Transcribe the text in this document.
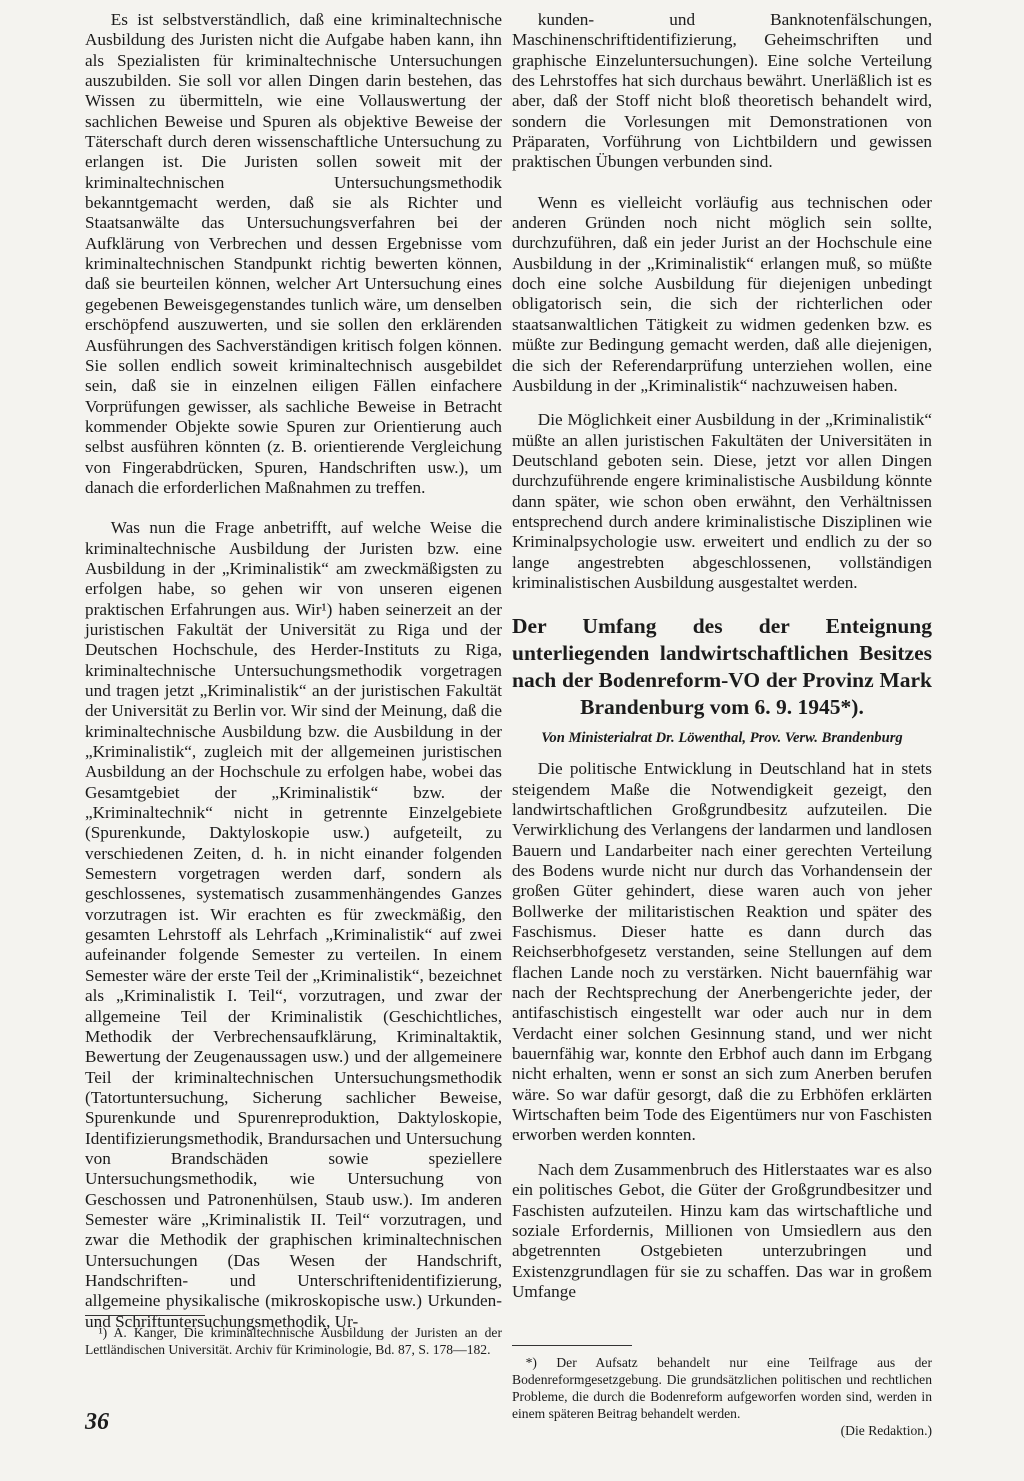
Es ist selbstverständlich, daß eine kriminaltechnische Ausbildung des Juristen nicht die Aufgabe haben kann, ihn als Spezialisten für kriminaltechnische Untersuchungen auszubilden. Sie soll vor allen Dingen darin bestehen, das Wissen zu übermitteln, wie eine Vollauswertung der sachlichen Beweise und Spuren als objektive Beweise der Täterschaft durch deren wissenschaftliche Untersuchung zu erlangen ist. Die Juristen sollen soweit mit der kriminaltechnischen Untersuchungsmethodik bekanntgemacht werden, daß sie als Richter und Staatsanwälte das Untersuchungsverfahren bei der Aufklärung von Verbrechen und dessen Ergebnisse vom kriminaltechnischen Standpunkt richtig bewerten können, daß sie beurteilen können, welcher Art Untersuchung eines gegebenen Beweisgegenstandes tunlich wäre, um denselben erschöpfend auszuwerten, und sie sollen den erklärenden Ausführungen des Sachverständigen kritisch folgen können. Sie sollen endlich soweit kriminaltechnisch ausgebildet sein, daß sie in einzelnen eiligen Fällen einfachere Vorprüfungen gewisser, als sachliche Beweise in Betracht kommender Objekte sowie Spuren zur Orientierung auch selbst ausführen könnten (z. B. orientierende Vergleichung von Fingerabdrücken, Spuren, Handschriften usw.), um danach die erforderlichen Maßnahmen zu treffen.

Was nun die Frage anbetrifft, auf welche Weise die kriminaltechnische Ausbildung der Juristen bzw. eine Ausbildung in der „Kriminalistik“ am zweckmäßigsten zu erfolgen habe, so gehen wir von unseren eigenen praktischen Erfahrungen aus. Wir¹) haben seinerzeit an der juristischen Fakultät der Universität zu Riga und der Deutschen Hochschule, des Herder-Instituts zu Riga, kriminaltechnische Untersuchungsmethodik vorgetragen und tragen jetzt „Kriminalistik“ an der juristischen Fakultät der Universität zu Berlin vor. Wir sind der Meinung, daß die kriminaltechnische Ausbildung bzw. die Ausbildung in der „Kriminalistik“, zugleich mit der allgemeinen juristischen Ausbildung an der Hochschule zu erfolgen habe, wobei das Gesamtgebiet der „Kriminalistik“ bzw. der „Kriminaltechnik“ nicht in getrennte Einzelgebiete (Spurenkunde, Daktyloskopie usw.) aufgeteilt, zu verschiedenen Zeiten, d. h. in nicht einander folgenden Semestern vorgetragen werden darf, sondern als geschlossenes, systematisch zusammenhängendes Ganzes vorzutragen ist. Wir erachten es für zweckmäßig, den gesamten Lehrstoff als Lehrfach „Kriminalistik“ auf zwei aufeinander folgende Semester zu verteilen. In einem Semester wäre der erste Teil der „Kriminalistik“, bezeichnet als „Kriminalistik I. Teil“, vorzutragen, und zwar der allgemeine Teil der Kriminalistik (Geschichtliches, Methodik der Verbrechensaufklärung, Kriminaltaktik, Bewertung der Zeugenaussagen usw.) und der allgemeinere Teil der kriminaltechnischen Untersuchungsmethodik (Tatortuntersuchung, Sicherung sachlicher Beweise, Spurenkunde und Spurenreproduktion, Daktyloskopie, Identifizierungsmethodik, Brandursachen und Untersuchung von Brandschäden sowie speziellere Untersuchungsmethodik, wie Untersuchung von Geschossen und Patronenhülsen, Staub usw.). Im anderen Semester wäre „Kriminalistik II. Teil“ vorzutragen, und zwar die Methodik der graphischen kriminaltechnischen Untersuchungen (Das Wesen der Handschrift, Handschriften- und Unterschriftenidentifizierung, allgemeine physikalische (mikroskopische usw.) Urkunden- und Schriftuntersuchungsmethodik, Ur-

kunden- und Banknotenfälschungen, Maschinenschriftidentifizierung, Geheimschriften und graphische Einzeluntersuchungen). Eine solche Verteilung des Lehrstoffes hat sich durchaus bewährt. Unerläßlich ist es aber, daß der Stoff nicht bloß theoretisch behandelt wird, sondern die Vorlesungen mit Demonstrationen von Präparaten, Vorführung von Lichtbildern und gewissen praktischen Übungen verbunden sind.

Wenn es vielleicht vorläufig aus technischen oder anderen Gründen noch nicht möglich sein sollte, durchzuführen, daß ein jeder Jurist an der Hochschule eine Ausbildung in der „Kriminalistik“ erlangen muß, so müßte doch eine solche Ausbildung für diejenigen unbedingt obligatorisch sein, die sich der richterlichen oder staatsanwaltlichen Tätigkeit zu widmen gedenken bzw. es müßte zur Bedingung gemacht werden, daß alle diejenigen, die sich der Referendarprüfung unterziehen wollen, eine Ausbildung in der „Kriminalistik“ nachzuweisen haben.

Die Möglichkeit einer Ausbildung in der „Kriminalistik“ müßte an allen juristischen Fakultäten der Universitäten in Deutschland geboten sein. Diese, jetzt vor allen Dingen durchzuführende engere kriminalistische Ausbildung könnte dann später, wie schon oben erwähnt, den Verhältnissen entsprechend durch andere kriminalistische Disziplinen wie Kriminalpsychologie usw. erweitert und endlich zu der so lange angestrebten abgeschlossenen, vollständigen kriminalistischen Ausbildung ausgestaltet werden.

Der Umfang des der Enteignung unterliegenden landwirtschaftlichen Besitzes nach der Bodenreform-VO der Provinz Mark Brandenburg vom 6. 9. 1945*).
Von Ministerialrat Dr. Löwenthal, Prov. Verw. Brandenburg

Die politische Entwicklung in Deutschland hat in stets steigendem Maße die Notwendigkeit gezeigt, den landwirtschaftlichen Großgrundbesitz aufzuteilen. Die Verwirklichung des Verlangens der landarmen und landlosen Bauern und Landarbeiter nach einer gerechten Verteilung des Bodens wurde nicht nur durch das Vorhandensein der großen Güter gehindert, diese waren auch von jeher Bollwerke der militaristischen Reaktion und später des Faschismus. Dieser hatte es dann durch das Reichserbhofgesetz verstanden, seine Stellungen auf dem flachen Lande noch zu verstärken. Nicht bauernfähig war nach der Rechtsprechung der Anerbengerichte jeder, der antifaschistisch eingestellt war oder auch nur in dem Verdacht einer solchen Gesinnung stand, und wer nicht bauernfähig war, konnte den Erbhof auch dann im Erbgang nicht erhalten, wenn er sonst an sich zum Anerben berufen wäre. So war dafür gesorgt, daß die zu Erbhöfen erklärten Wirtschaften beim Tode des Eigentümers nur von Faschisten erworben werden konnten.

Nach dem Zusammenbruch des Hitlerstaates war es also ein politisches Gebot, die Güter der Großgrundbesitzer und Faschisten aufzuteilen. Hinzu kam das wirtschaftliche und soziale Erfordernis, Millionen von Umsiedlern aus den abgetrennten Ostgebieten unterzubringen und Existenzgrundlagen für sie zu schaffen. Das war in großem Umfange

¹) A. Kanger, Die kriminaltechnische Ausbildung der Juristen an der Lettländischen Universität. Archiv für Kriminologie, Bd. 87, S. 178—182.

*) Der Aufsatz behandelt nur eine Teilfrage aus der Bodenreformgesetzgebung. Die grundsätzlichen politischen und rechtlichen Probleme, die durch die Bodenreform aufgeworfen worden sind, werden in einem späteren Beitrag behandelt werden.

(Die Redaktion.)
36
